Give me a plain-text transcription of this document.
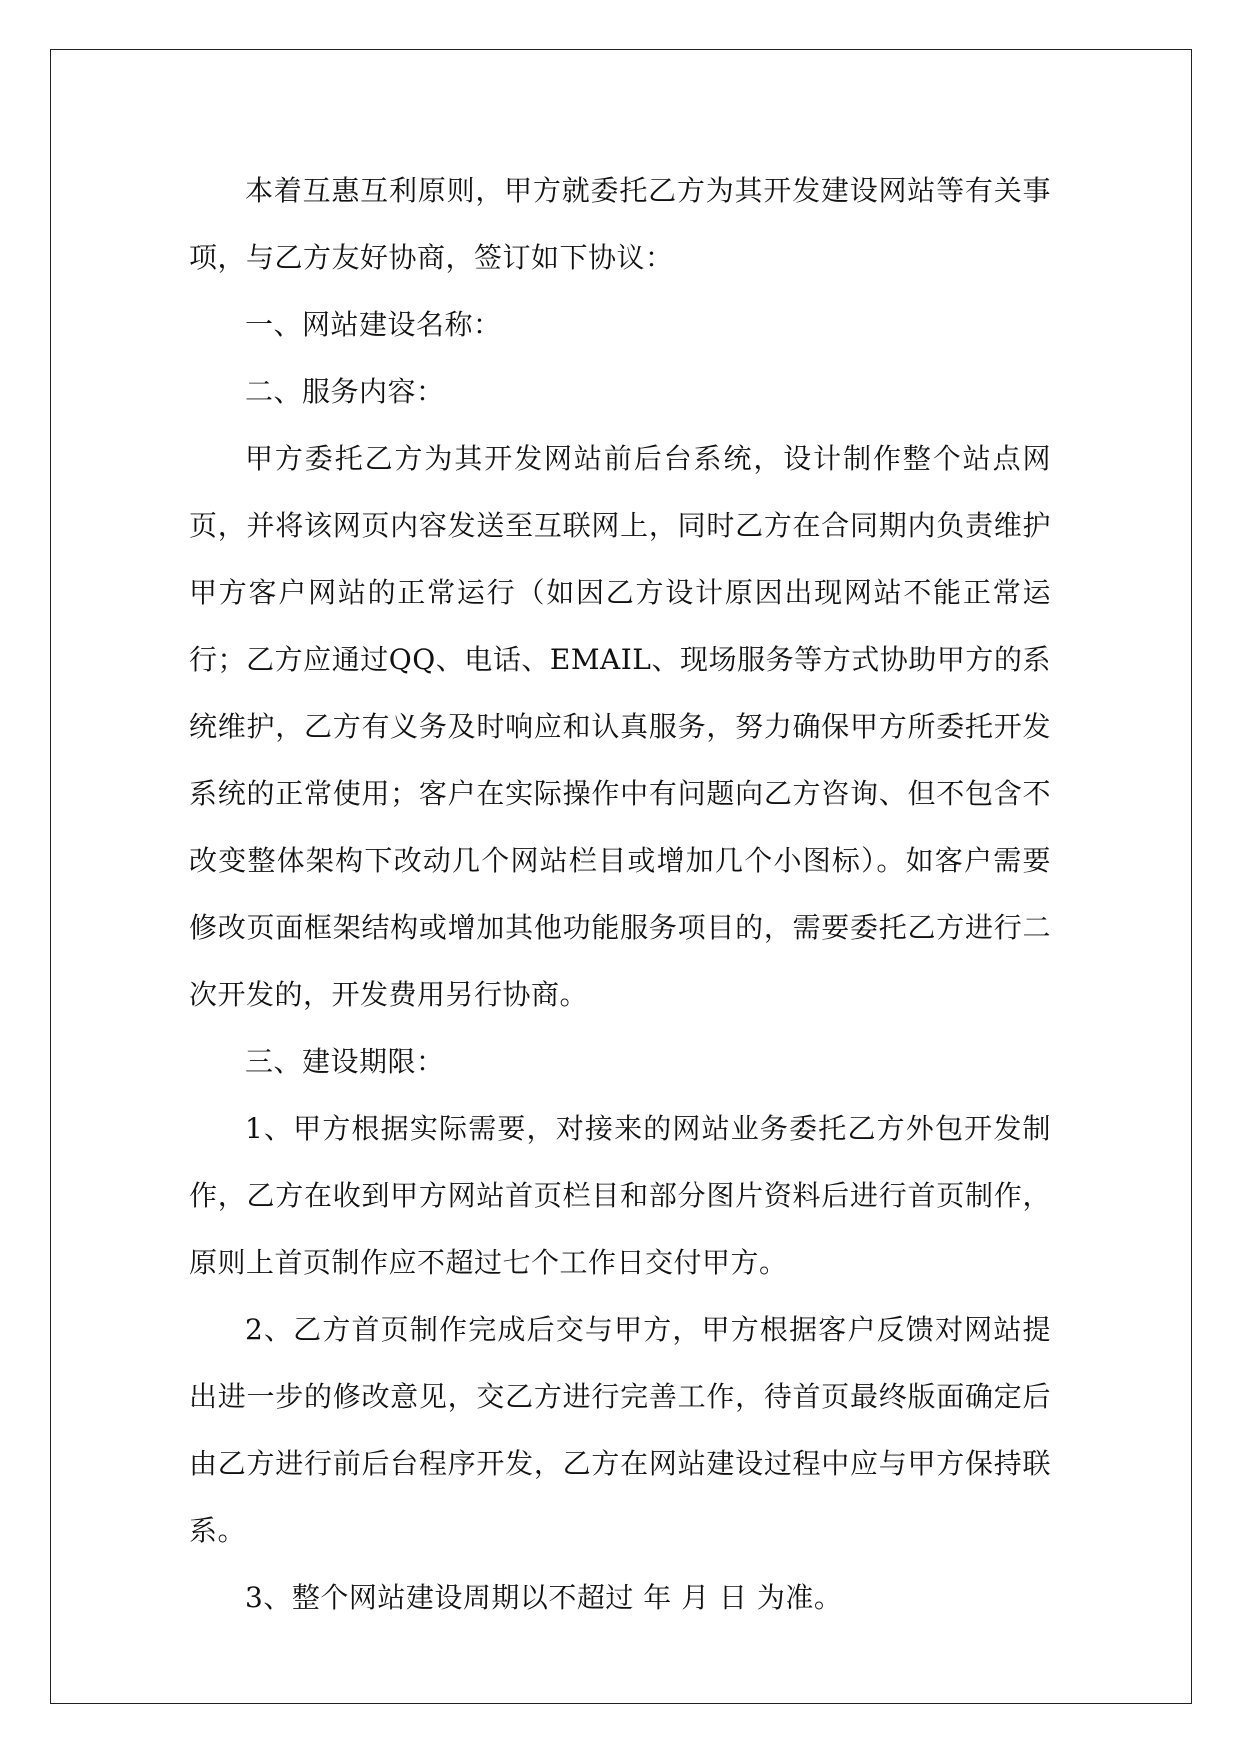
本着互惠互利原则，甲方就委托乙方为其开发建设网站等有关事项，与乙方友好协商，签订如下协议：

一、网站建设名称：

二、服务内容：

甲方委托乙方为其开发网站前后台系统，设计制作整个站点网页，并将该网页内容发送至互联网上，同时乙方在合同期内负责维护甲方客户网站的正常运行（如因乙方设计原因出现网站不能正常运行；乙方应通过QQ、电话、EMAIL、现场服务等方式协助甲方的系统维护，乙方有义务及时响应和认真服务，努力确保甲方所委托开发系统的正常使用；客户在实际操作中有问题向乙方咨询、但不包含不改变整体架构下改动几个网站栏目或增加几个小图标）。如客户需要修改页面框架结构或增加其他功能服务项目的，需要委托乙方进行二次开发的，开发费用另行协商。

三、建设期限：

1、甲方根据实际需要，对接来的网站业务委托乙方外包开发制作，乙方在收到甲方网站首页栏目和部分图片资料后进行首页制作，原则上首页制作应不超过七个工作日交付甲方。

2、乙方首页制作完成后交与甲方，甲方根据客户反馈对网站提出进一步的修改意见，交乙方进行完善工作，待首页最终版面确定后由乙方进行前后台程序开发，乙方在网站建设过程中应与甲方保持联系。

3、整个网站建设周期以不超过 年 月 日 为准。
